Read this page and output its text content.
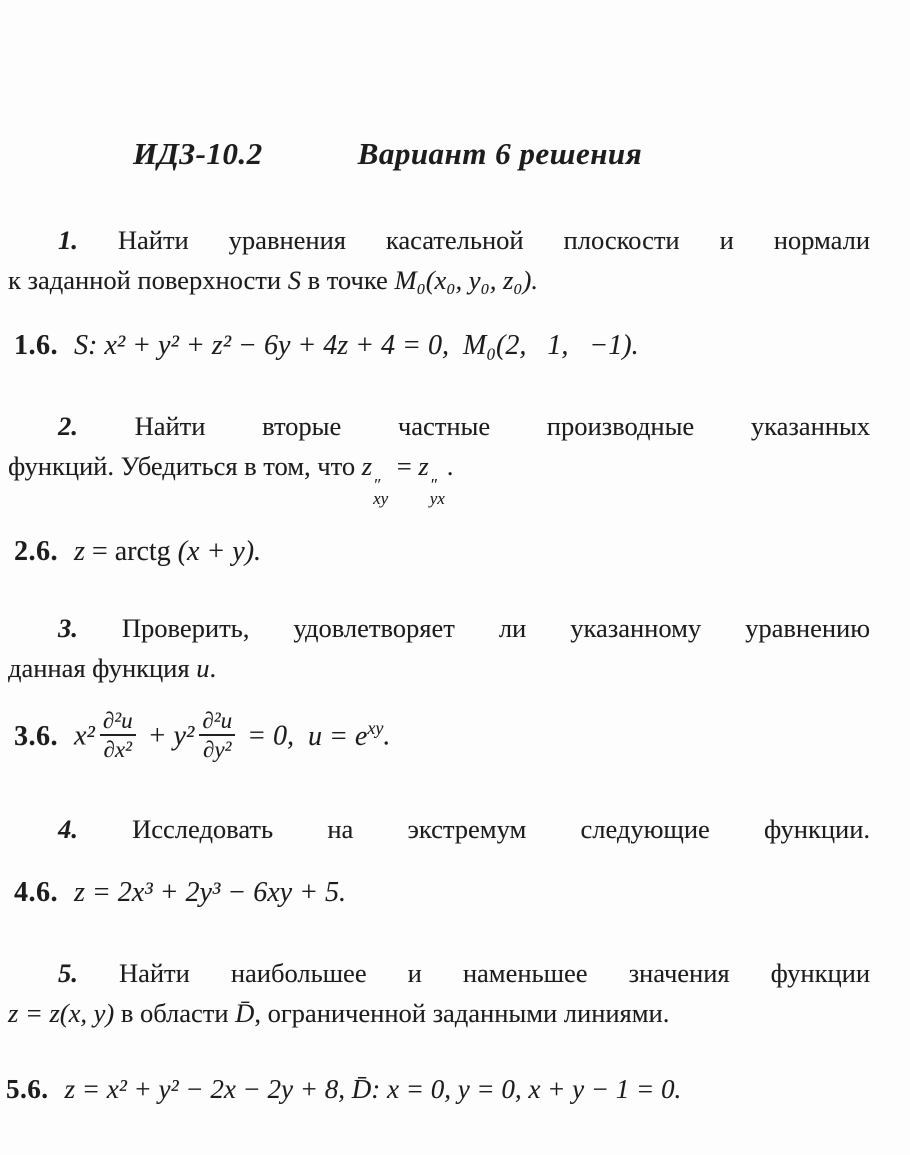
ИДЗ-10.2	Вариант 6 решения

1. Найти уравнения касательной плоскости и нормали
к заданной поверхности S в точке M₀(x₀, y₀, z₀).

1.6. S: x² + y² + z² − 6y + 4z + 4 = 0, M₀(2,  1,  −1).

2. Найти вторые частные производные указанных
функций. Убедиться в том, что z
″
xy
= z
″
yx
.

2.6. z = arctg (x + y).

3. Проверить, удовлетворяет ли указанному уравнению
данная функция u.

3.6. $x^2 \frac{\text{∂²u}}{\text{∂x²}} + y^2 \frac{\text{∂²u}}{\text{∂y²}} = 0$, $u = e^{xy}$.

4. Исследовать на экстремум следующие функции.

4.6. z = 2x³ + 2y³ − 6xy + 5.

5. Найти наибольшее и наменьшее значения функции
z = z(x, y) в области D̄, ограниченной заданными линиями.

5.6. z = x² + y² − 2x − 2y + 8, D̄: x = 0, y = 0, x + y − 1 = 0.
